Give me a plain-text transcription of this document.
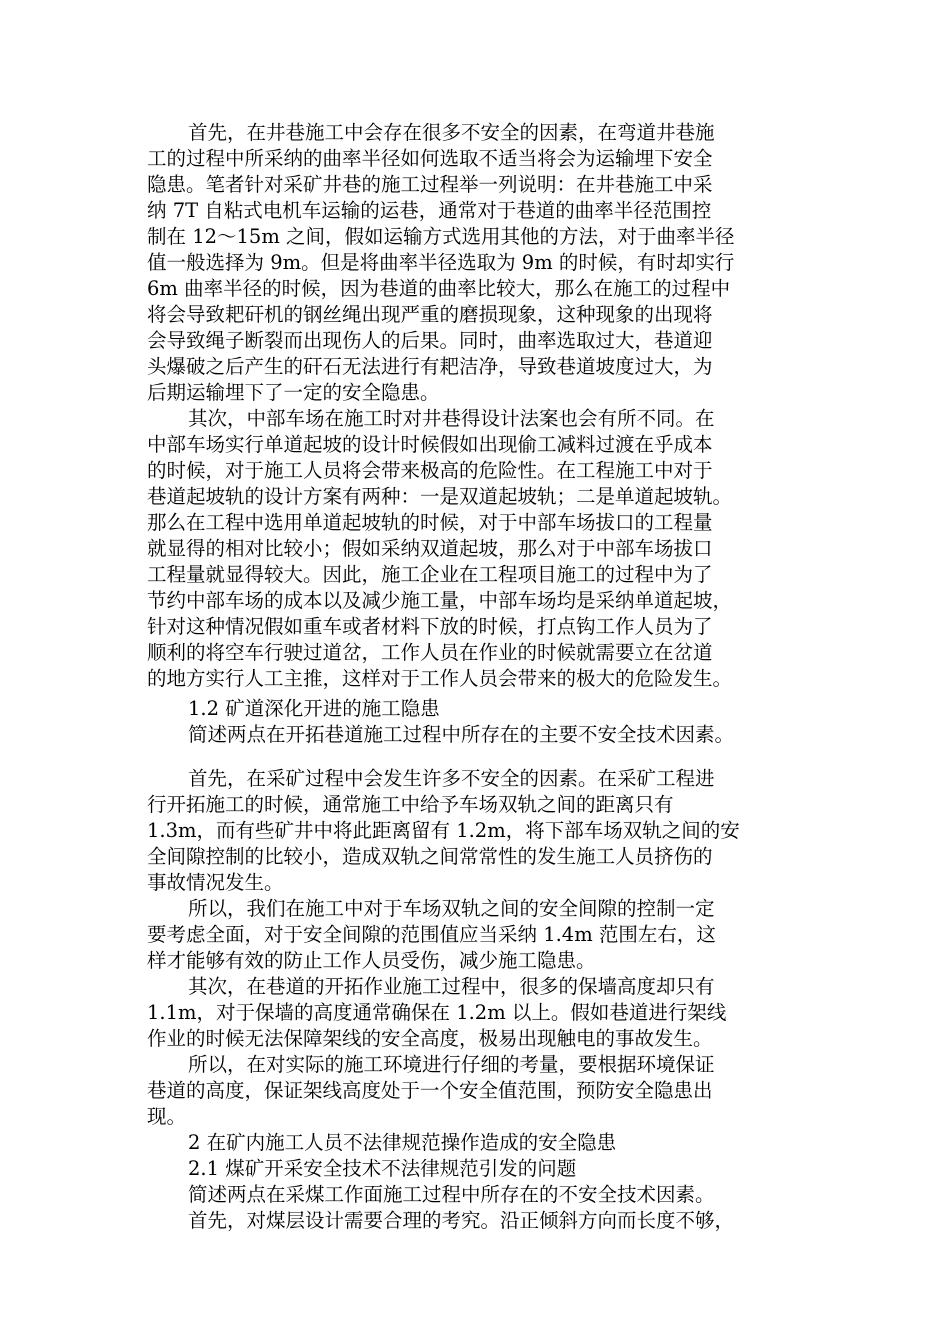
首先，在井巷施工中会存在很多不安全的因素，在弯道井巷施
工的过程中所采纳的曲率半径如何选取不适当将会为运输埋下安全
隐患。笔者针对采矿井巷的施工过程举一列说明：在井巷施工中采
纳 7T 自粘式电机车运输的运巷，通常对于巷道的曲率半径范围控
制在 12～15m 之间，假如运输方式选用其他的方法，对于曲率半径
值一般选择为 9m。但是将曲率半径选取为 9m 的时候，有时却实行
6m 曲率半径的时候，因为巷道的曲率比较大，那么在施工的过程中
将会导致耙矸机的钢丝绳出现严重的磨损现象，这种现象的出现将
会导致绳子断裂而出现伤人的后果。同时，曲率选取过大，巷道迎
头爆破之后产生的矸石无法进行有耙洁净，导致巷道坡度过大，为
后期运输埋下了一定的安全隐患。
其次，中部车场在施工时对井巷得设计法案也会有所不同。在
中部车场实行单道起坡的设计时候假如出现偷工减料过渡在乎成本
的时候，对于施工人员将会带来极高的危险性。在工程施工中对于
巷道起坡轨的设计方案有两种：一是双道起坡轨；二是单道起坡轨。
那么在工程中选用单道起坡轨的时候，对于中部车场拔口的工程量
就显得的相对比较小；假如采纳双道起坡，那么对于中部车场拔口
工程量就显得较大。因此，施工企业在工程项目施工的过程中为了
节约中部车场的成本以及减少施工量，中部车场均是采纳单道起坡，
针对这种情况假如重车或者材料下放的时候，打点钩工作人员为了
顺利的将空车行驶过道岔，工作人员在作业的时候就需要立在岔道
的地方实行人工主推，这样对于工作人员会带来的极大的危险发生。
1.2 矿道深化开进的施工隐患
简述两点在开拓巷道施工过程中所存在的主要不安全技术因素。
首先，在采矿过程中会发生许多不安全的因素。在采矿工程进
行开拓施工的时候，通常施工中给予车场双轨之间的距离只有
1.3m，而有些矿井中将此距离留有 1.2m，将下部车场双轨之间的安
全间隙控制的比较小，造成双轨之间常常性的发生施工人员挤伤的
事故情况发生。
所以，我们在施工中对于车场双轨之间的安全间隙的控制一定
要考虑全面，对于安全间隙的范围值应当采纳 1.4m 范围左右，这
样才能够有效的防止工作人员受伤，减少施工隐患。
其次，在巷道的开拓作业施工过程中，很多的保墙高度却只有
1.1m，对于保墙的高度通常确保在 1.2m 以上。假如巷道进行架线
作业的时候无法保障架线的安全高度，极易出现触电的事故发生。
所以，在对实际的施工环境进行仔细的考量，要根据环境保证
巷道的高度，保证架线高度处于一个安全值范围，预防安全隐患出
现。
2 在矿内施工人员不法律规范操作造成的安全隐患
2.1 煤矿开采安全技术不法律规范引发的问题
简述两点在采煤工作面施工过程中所存在的不安全技术因素。
首先，对煤层设计需要合理的考究。沿正倾斜方向而长度不够，
